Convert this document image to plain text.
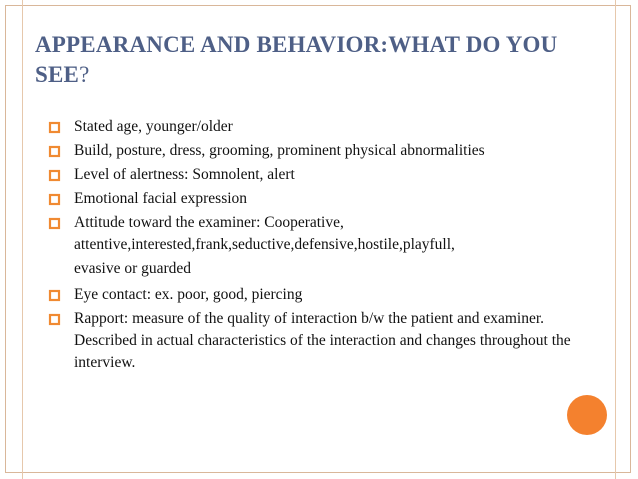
APPEARANCE AND BEHAVIOR:WHAT DO YOU SEE?
Stated age, younger/older
Build, posture, dress, grooming, prominent physical abnormalities
Level of alertness: Somnolent, alert
Emotional facial expression
Attitude toward the examiner: Cooperative, attentive,interested,frank,seductive,defensive,hostile,playfull,
evasive or guarded
Eye contact: ex. poor, good, piercing
Rapport: measure of the quality of interaction b/w the patient and examiner. Described in actual characteristics of the interaction and changes throughout the interview.
